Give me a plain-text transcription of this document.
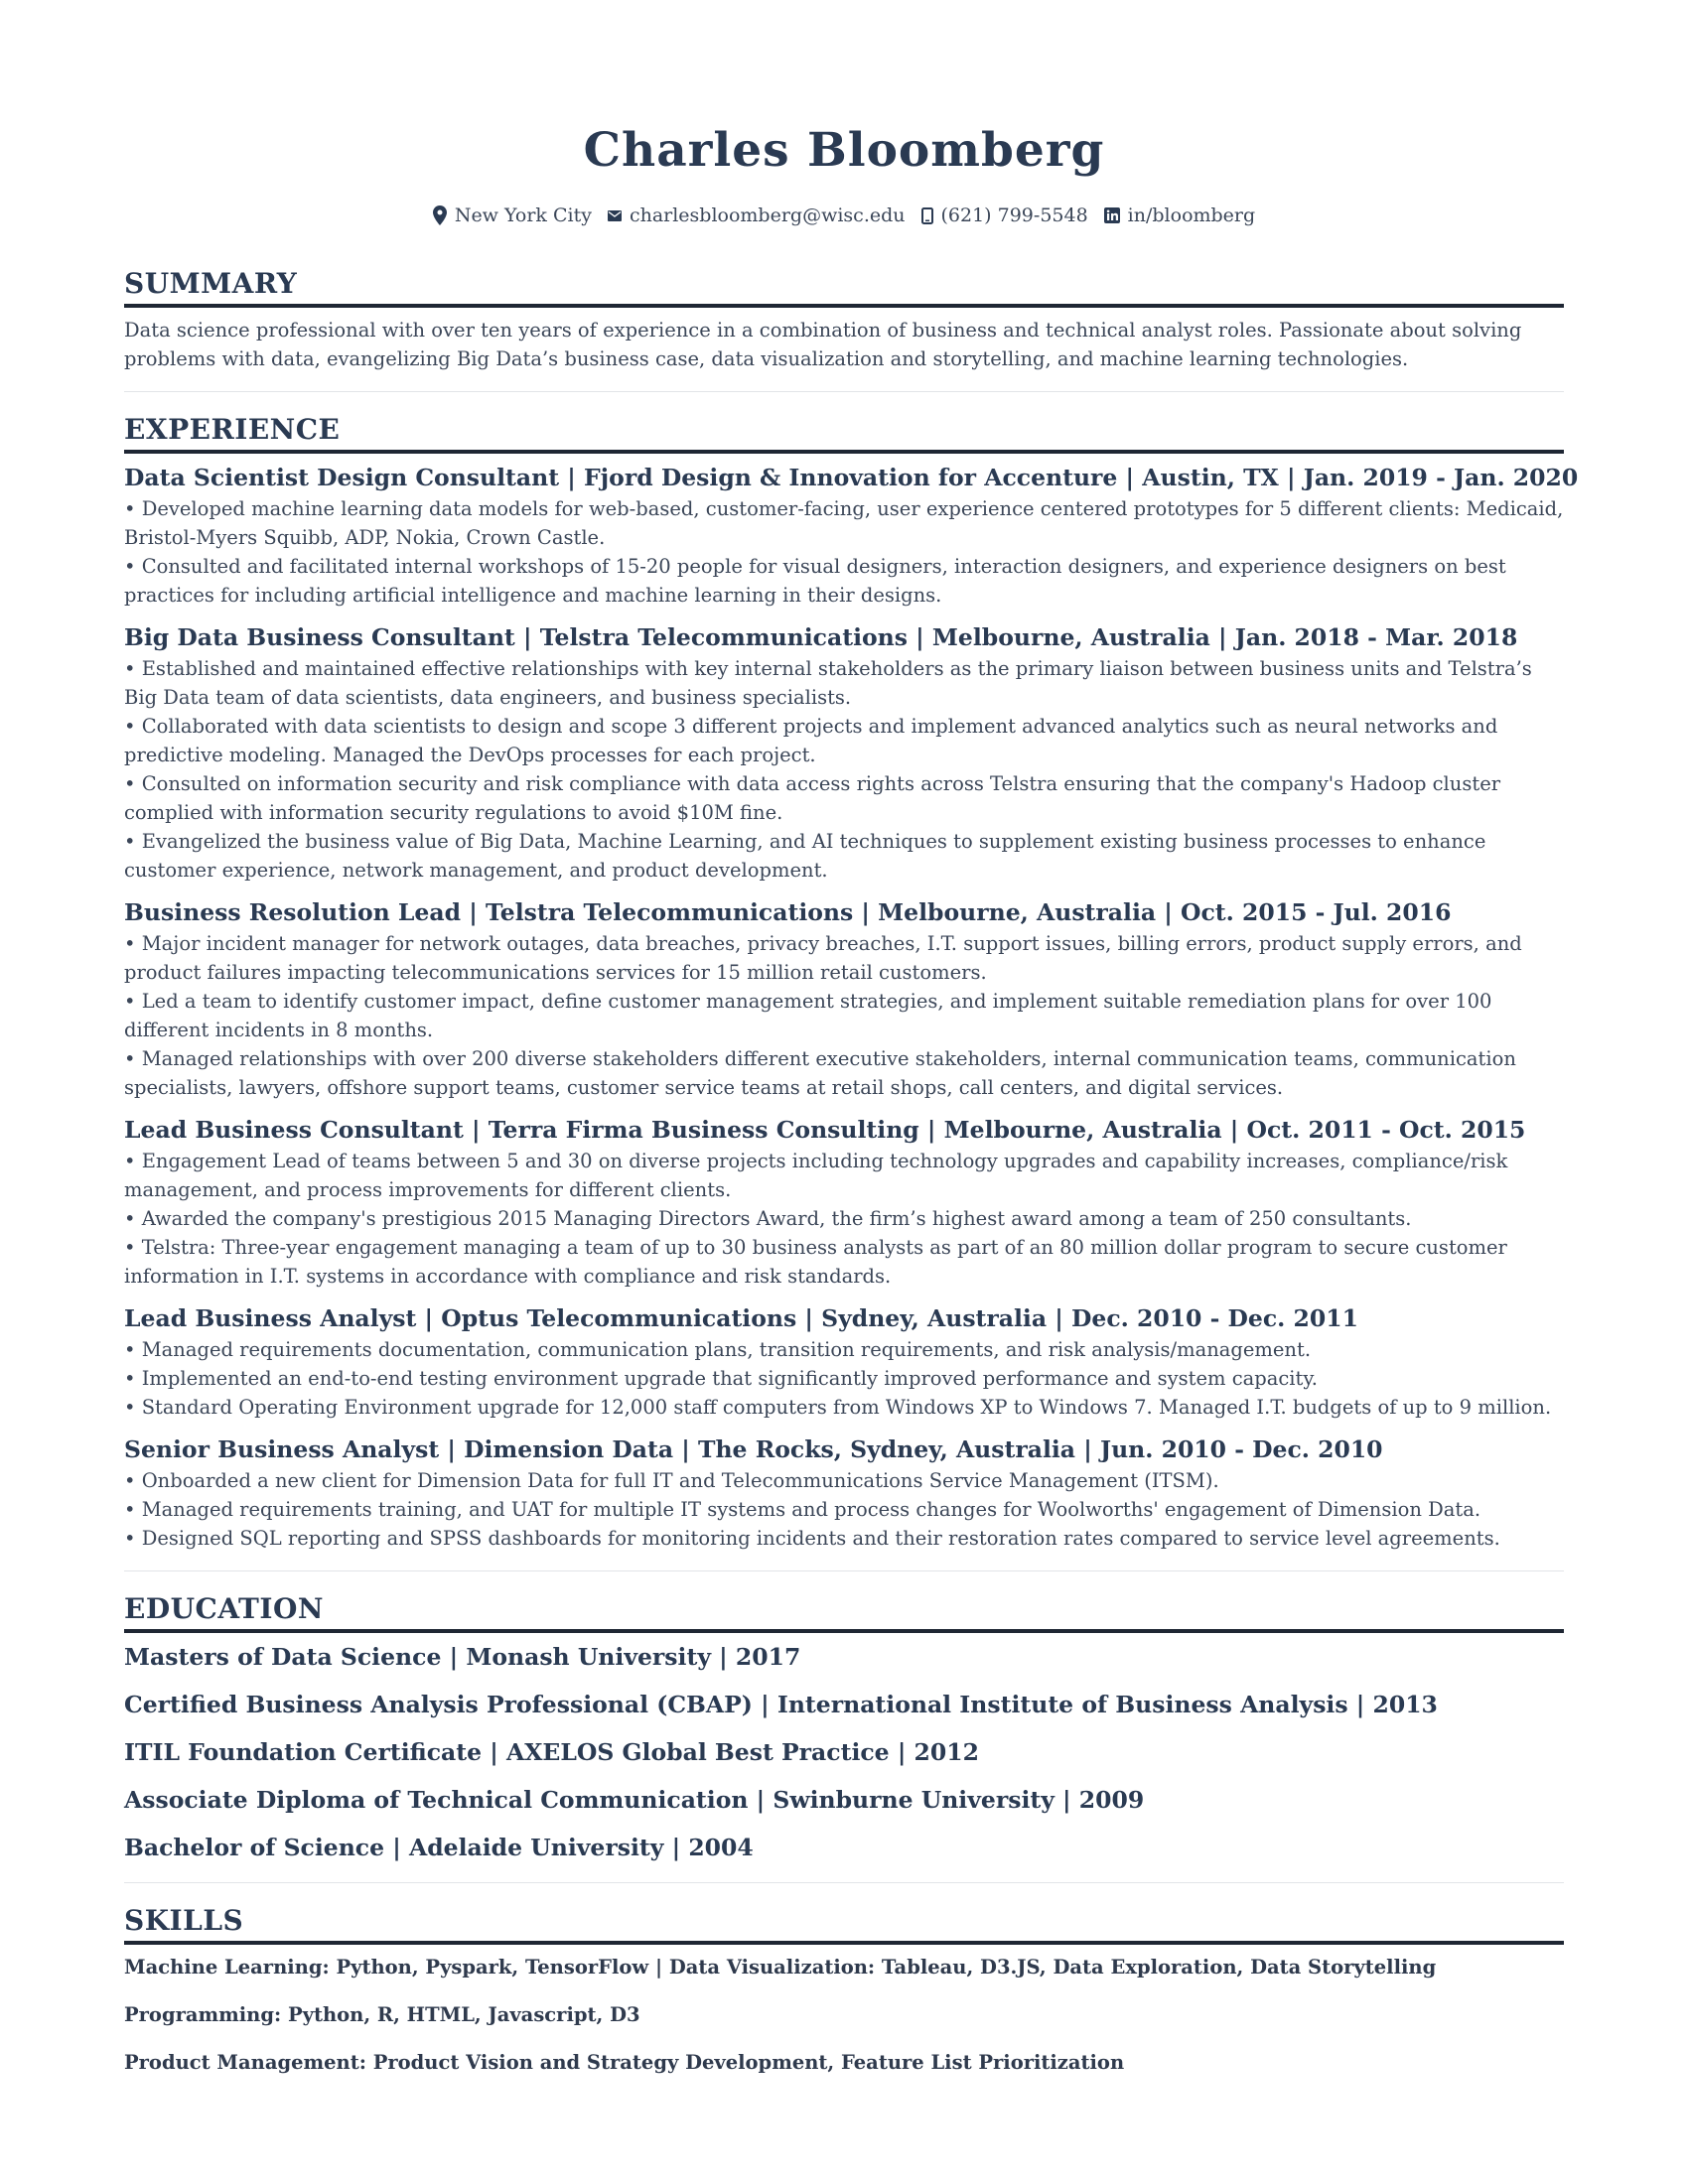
Charles Bloomberg
New York City charlesbloomberg@wisc.edu (621) 799-5548 in/bloomberg
SUMMARY
Data science professional with over ten years of experience in a combination of business and technical analyst roles. Passionate about solving problems with data, evangelizing Big Data’s business case, data visualization and storytelling, and machine learning technologies.
EXPERIENCE
Data Scientist Design Consultant | Fjord Design & Innovation for Accenture | Austin, TX | Jan. 2019 - Jan. 2020
• Developed machine learning data models for web-based, customer-facing, user experience centered prototypes for 5 different clients: Medicaid, Bristol-Myers Squibb, ADP, Nokia, Crown Castle.
• Consulted and facilitated internal workshops of 15-20 people for visual designers, interaction designers, and experience designers on best practices for including artificial intelligence and machine learning in their designs.
Big Data Business Consultant | Telstra Telecommunications | Melbourne, Australia | Jan. 2018 - Mar. 2018
• Established and maintained effective relationships with key internal stakeholders as the primary liaison between business units and Telstra’s Big Data team of data scientists, data engineers, and business specialists.
• Collaborated with data scientists to design and scope 3 different projects and implement advanced analytics such as neural networks and predictive modeling. Managed the DevOps processes for each project.
• Consulted on information security and risk compliance with data access rights across Telstra ensuring that the company's Hadoop cluster complied with information security regulations to avoid $10M fine.
• Evangelized the business value of Big Data, Machine Learning, and AI techniques to supplement existing business processes to enhance customer experience, network management, and product development.
Business Resolution Lead | Telstra Telecommunications | Melbourne, Australia | Oct. 2015 - Jul. 2016
• Major incident manager for network outages, data breaches, privacy breaches, I.T. support issues, billing errors, product supply errors, and product failures impacting telecommunications services for 15 million retail customers.
• Led a team to identify customer impact, define customer management strategies, and implement suitable remediation plans for over 100 different incidents in 8 months.
• Managed relationships with over 200 diverse stakeholders different executive stakeholders, internal communication teams, communication specialists, lawyers, offshore support teams, customer service teams at retail shops, call centers, and digital services.
Lead Business Consultant | Terra Firma Business Consulting | Melbourne, Australia | Oct. 2011 - Oct. 2015
• Engagement Lead of teams between 5 and 30 on diverse projects including technology upgrades and capability increases, compliance/risk management, and process improvements for different clients.
• Awarded the company's prestigious 2015 Managing Directors Award, the firm’s highest award among a team of 250 consultants.
• Telstra: Three-year engagement managing a team of up to 30 business analysts as part of an 80 million dollar program to secure customer information in I.T. systems in accordance with compliance and risk standards.
Lead Business Analyst | Optus Telecommunications | Sydney, Australia | Dec. 2010 - Dec. 2011
• Managed requirements documentation, communication plans, transition requirements, and risk analysis/management.
• Implemented an end-to-end testing environment upgrade that significantly improved performance and system capacity.
• Standard Operating Environment upgrade for 12,000 staff computers from Windows XP to Windows 7. Managed I.T. budgets of up to 9 million.
Senior Business Analyst | Dimension Data | The Rocks, Sydney, Australia | Jun. 2010 - Dec. 2010
• Onboarded a new client for Dimension Data for full IT and Telecommunications Service Management (ITSM).
• Managed requirements training, and UAT for multiple IT systems and process changes for Woolworths' engagement of Dimension Data.
• Designed SQL reporting and SPSS dashboards for monitoring incidents and their restoration rates compared to service level agreements.
EDUCATION
Masters of Data Science | Monash University | 2017
Certified Business Analysis Professional (CBAP) | International Institute of Business Analysis | 2013
ITIL Foundation Certificate | AXELOS Global Best Practice | 2012
Associate Diploma of Technical Communication | Swinburne University | 2009
Bachelor of Science | Adelaide University | 2004
SKILLS
Machine Learning: Python, Pyspark, TensorFlow | Data Visualization: Tableau, D3.JS, Data Exploration, Data Storytelling
Programming: Python, R, HTML, Javascript, D3
Product Management: Product Vision and Strategy Development, Feature List Prioritization
